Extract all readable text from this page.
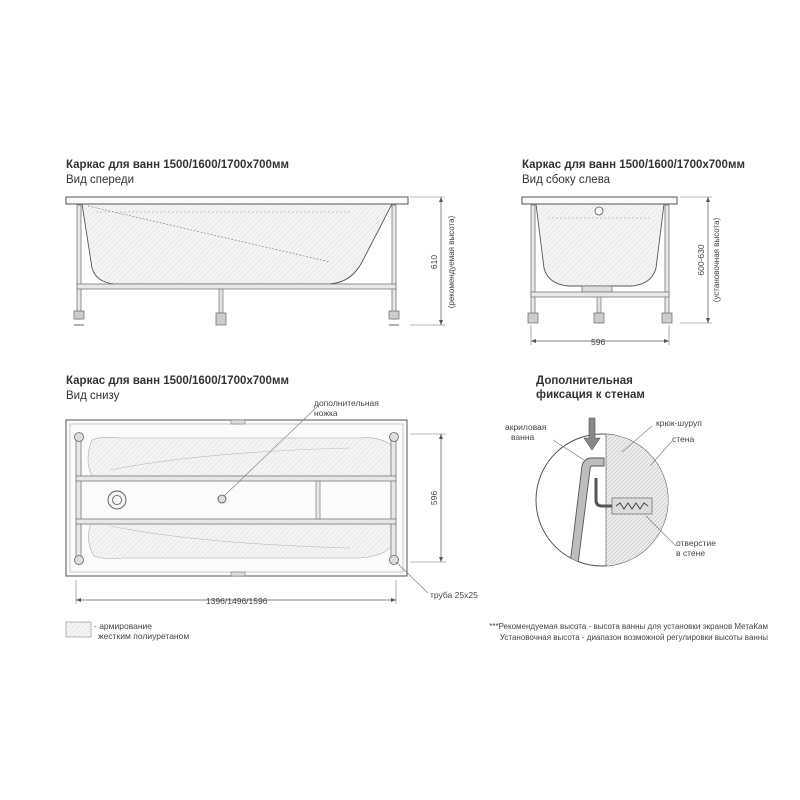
Каркас для ванн 1500/1600/1700х700мм
Вид спереди
Каркас для ванн 1500/1600/1700х700мм
Вид сбоку слева
Каркас для ванн 1500/1600/1700х700мм
Вид снизу
Дополнительная
фиксация к стенам
дополнительная
ножка
1396/1496/1596
труба 25х25
596
акриловая
ванна
крюк-шуруп
стена
отверстие
в стене
- армирование
жестким полиуретаном
***Рекомендуемая высота - высота ванны для установки экранов МетаКам
Установочная высота - диапазон возможной регулировки высоты ванны
610 (рекомендуемая высота)	600-630 (установочная высота)
596
